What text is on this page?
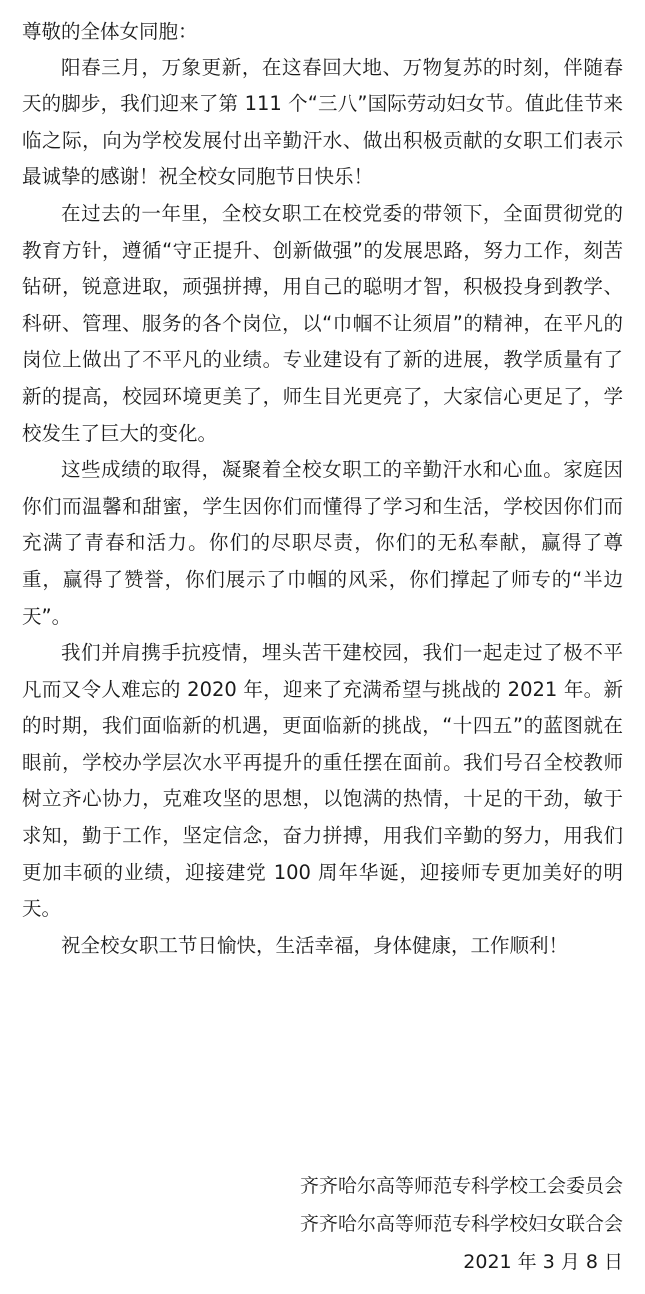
尊敬的全体女同胞：

阳春三月，万象更新，在这春回大地、万物复苏的时刻，伴随春天的脚步，我们迎来了第 111 个“三八”国际劳动妇女节。值此佳节来临之际，向为学校发展付出辛勤汗水、做出积极贡献的女职工们表示最诚挚的感谢！祝全校女同胞节日快乐！

在过去的一年里，全校女职工在校党委的带领下，全面贯彻党的教育方针，遵循“守正提升、创新做强”的发展思路，努力工作，刻苦钻研，锐意进取，顽强拼搏，用自己的聪明才智，积极投身到教学、科研、管理、服务的各个岗位，以“巾帼不让须眉”的精神，在平凡的岗位上做出了不平凡的业绩。专业建设有了新的进展，教学质量有了新的提高，校园环境更美了，师生目光更亮了，大家信心更足了，学校发生了巨大的变化。

这些成绩的取得，凝聚着全校女职工的辛勤汗水和心血。家庭因你们而温馨和甜蜜，学生因你们而懂得了学习和生活，学校因你们而充满了青春和活力。你们的尽职尽责，你们的无私奉献，赢得了尊重，赢得了赞誉，你们展示了巾帼的风采，你们撑起了师专的“半边天”。

我们并肩携手抗疫情，埋头苦干建校园，我们一起走过了极不平凡而又令人难忘的 2020 年，迎来了充满希望与挑战的 2021 年。新的时期，我们面临新的机遇，更面临新的挑战，“十四五”的蓝图就在眼前，学校办学层次水平再提升的重任摆在面前。我们号召全校教师树立齐心协力，克难攻坚的思想，以饱满的热情，十足的干劲，敏于求知，勤于工作，坚定信念，奋力拼搏，用我们辛勤的努力，用我们更加丰硕的业绩，迎接建党 100 周年华诞，迎接师专更加美好的明天。

祝全校女职工节日愉快，生活幸福，身体健康，工作顺利！

齐齐哈尔高等师范专科学校工会委员会
齐齐哈尔高等师范专科学校妇女联合会
2021 年 3 月 8 日
